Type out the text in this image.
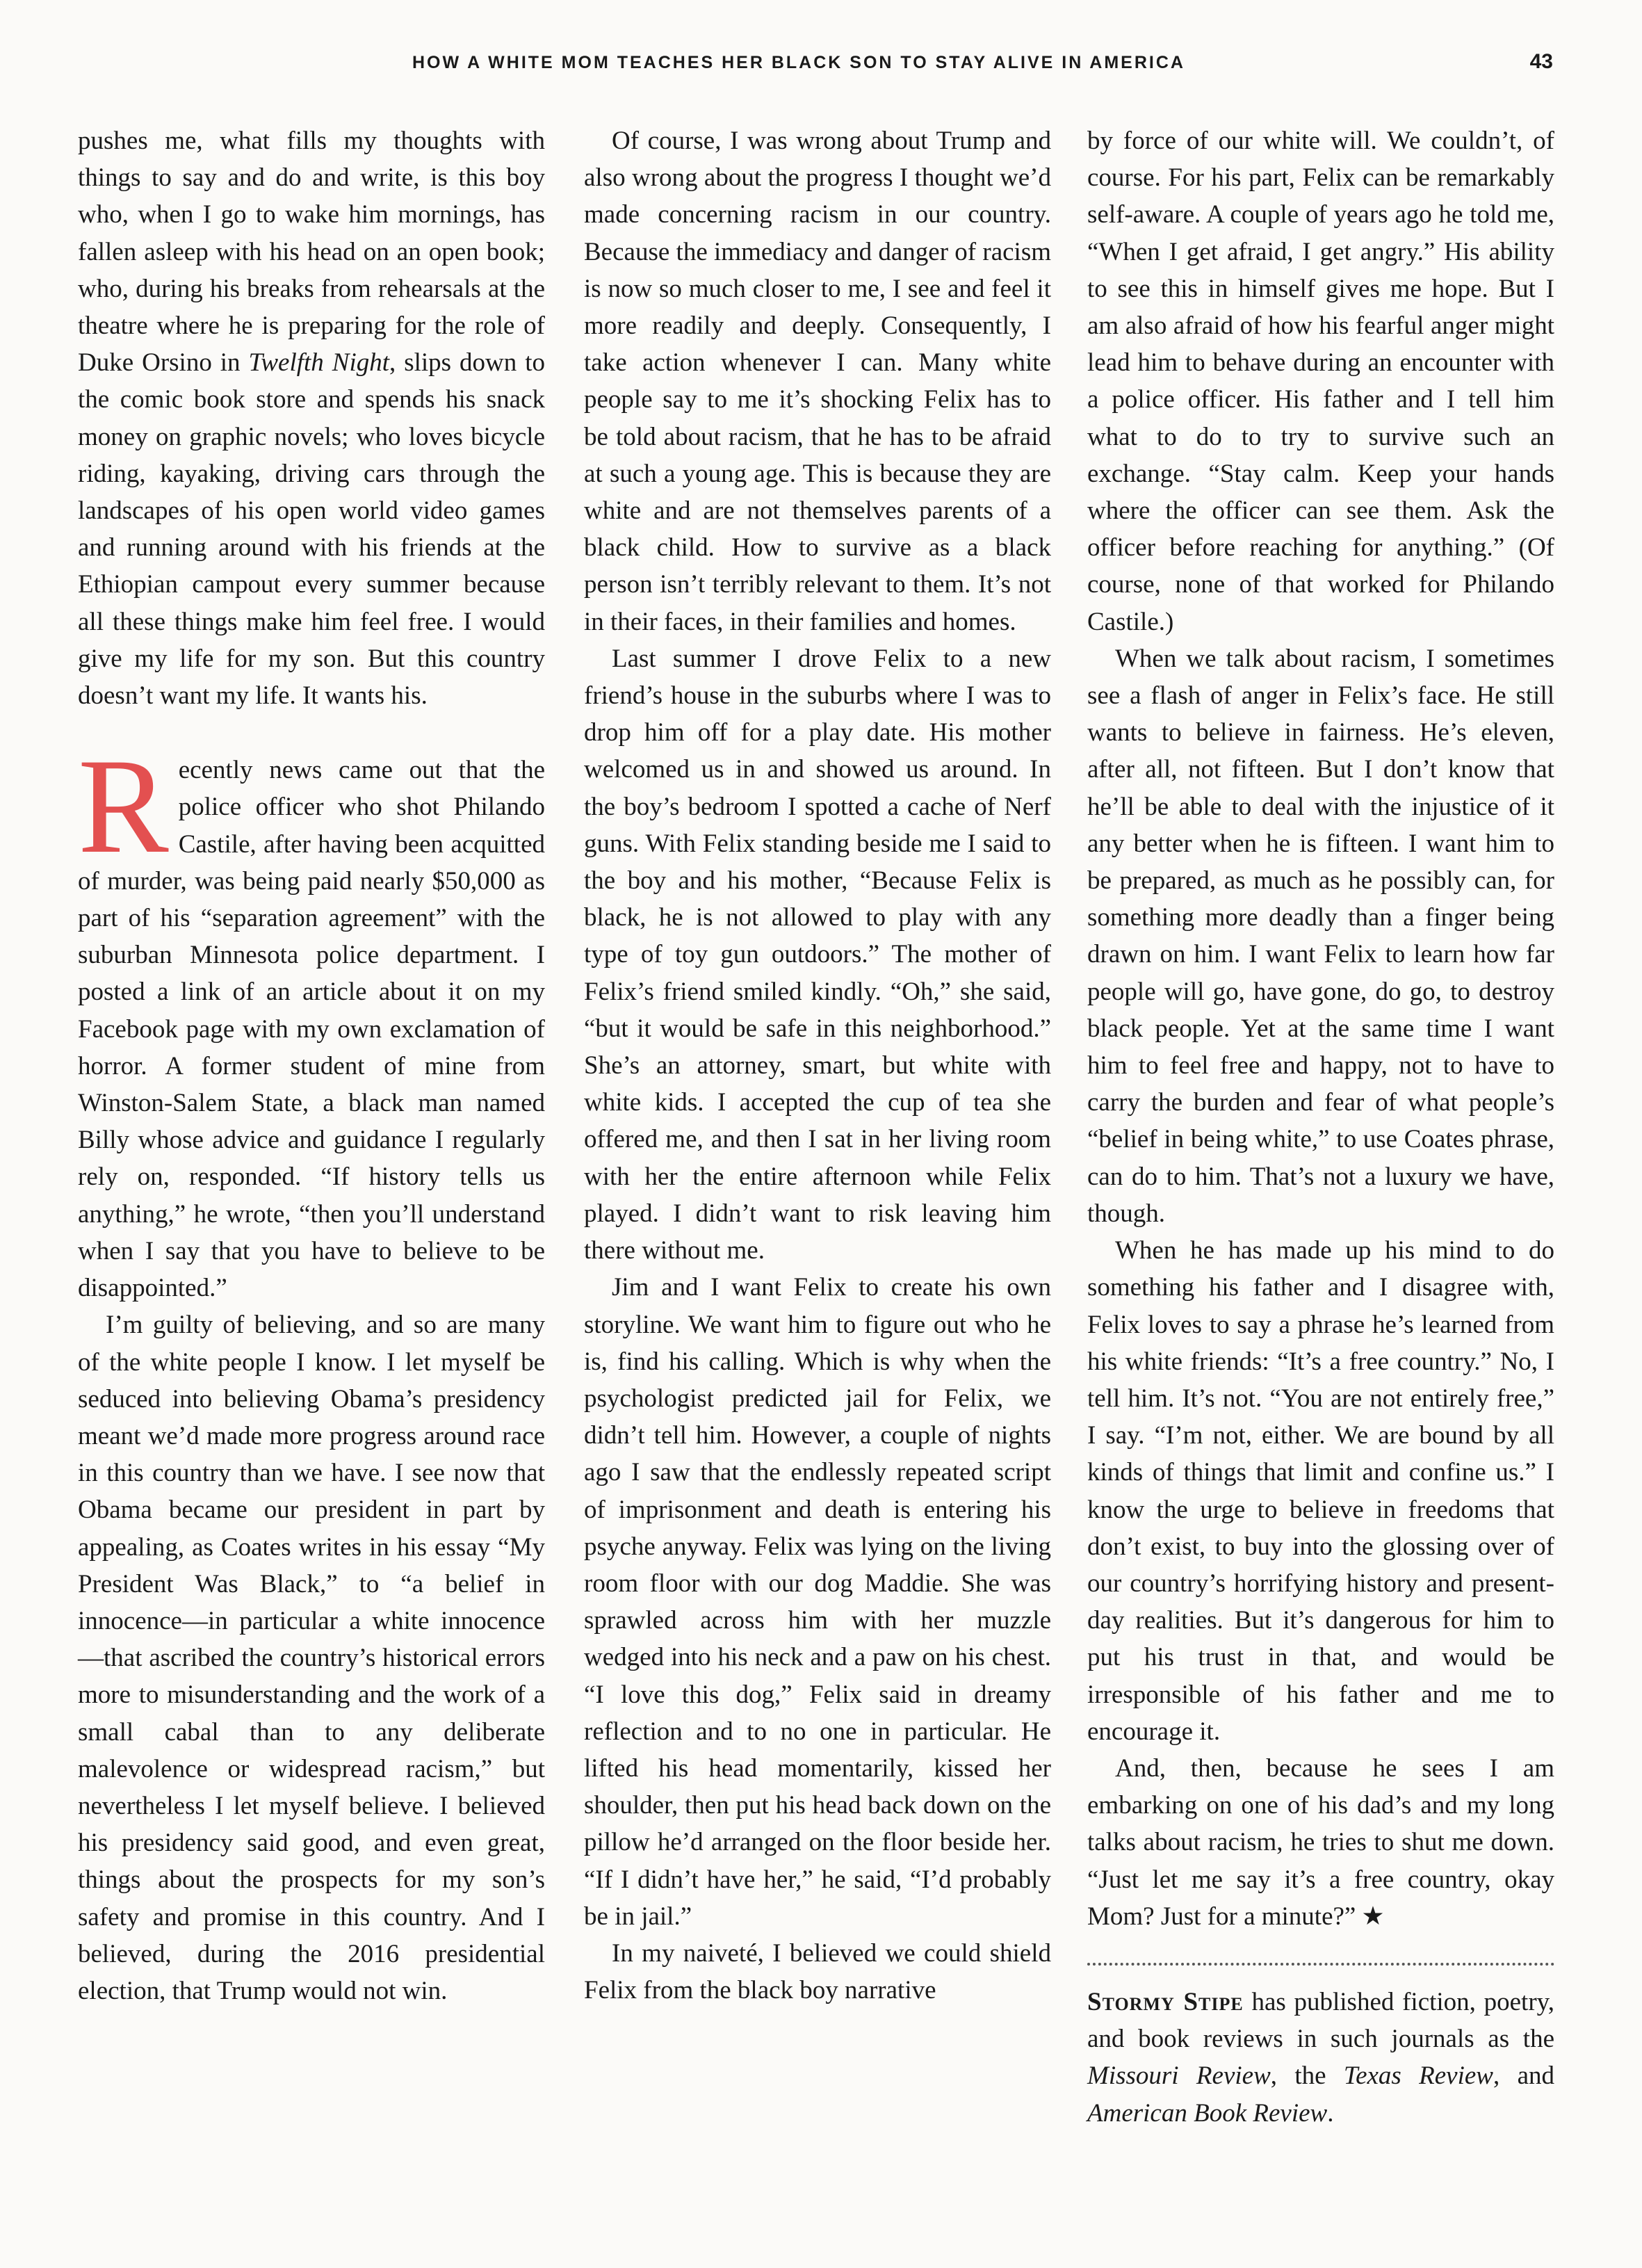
HOW A WHITE MOM TEACHES HER BLACK SON TO STAY ALIVE IN AMERICA	43

pushes me, what fills my thoughts with things to say and do and write, is this boy who, when I go to wake him mornings, has fallen asleep with his head on an open book; who, during his breaks from rehearsals at the theatre where he is preparing for the role of Duke Orsino in Twelfth Night, slips down to the comic book store and spends his snack money on graphic novels; who loves bicycle riding, kayaking, driving cars through the landscapes of his open world video games and running around with his friends at the Ethiopian campout every summer because all these things make him feel free. I would give my life for my son. But this country doesn’t want my life. It wants his.

Recently news came out that the police officer who shot Philando Castile, after having been acquitted of murder, was being paid nearly $50,000 as part of his “separation agreement” with the suburban Minnesota police department. I posted a link of an article about it on my Facebook page with my own exclamation of horror. A former student of mine from Winston-Salem State, a black man named Billy whose advice and guidance I regularly rely on, responded. “If history tells us anything,” he wrote, “then you’ll understand when I say that you have to believe to be disappointed.”

I’m guilty of believing, and so are many of the white people I know. I let myself be seduced into believing Obama’s presidency meant we’d made more progress around race in this country than we have. I see now that Obama became our president in part by appealing, as Coates writes in his essay “My President Was Black,” to “a belief in innocence—in particular a white innocence—that ascribed the country’s historical errors more to misunderstanding and the work of a small cabal than to any deliberate malevolence or widespread racism,” but nevertheless I let myself believe. I believed his presidency said good, and even great, things about the prospects for my son’s safety and promise in this country. And I believed, during the 2016 presidential election, that Trump would not win.

Of course, I was wrong about Trump and also wrong about the progress I thought we’d made concerning racism in our country. Because the immediacy and danger of racism is now so much closer to me, I see and feel it more readily and deeply. Consequently, I take action whenever I can. Many white people say to me it’s shocking Felix has to be told about racism, that he has to be afraid at such a young age. This is because they are white and are not themselves parents of a black child. How to survive as a black person isn’t terribly relevant to them. It’s not in their faces, in their families and homes.

Last summer I drove Felix to a new friend’s house in the suburbs where I was to drop him off for a play date. His mother welcomed us in and showed us around. In the boy’s bedroom I spotted a cache of Nerf guns. With Felix standing beside me I said to the boy and his mother, “Because Felix is black, he is not allowed to play with any type of toy gun outdoors.” The mother of Felix’s friend smiled kindly. “Oh,” she said, “but it would be safe in this neighborhood.” She’s an attorney, smart, but white with white kids. I accepted the cup of tea she offered me, and then I sat in her living room with her the entire afternoon while Felix played. I didn’t want to risk leaving him there without me.

Jim and I want Felix to create his own storyline. We want him to figure out who he is, find his calling. Which is why when the psychologist predicted jail for Felix, we didn’t tell him. However, a couple of nights ago I saw that the endlessly repeated script of imprisonment and death is entering his psyche anyway. Felix was lying on the living room floor with our dog Maddie. She was sprawled across him with her muzzle wedged into his neck and a paw on his chest. “I love this dog,” Felix said in dreamy reflection and to no one in particular. He lifted his head momentarily, kissed her shoulder, then put his head back down on the pillow he’d arranged on the floor beside her. “If I didn’t have her,” he said, “I’d probably be in jail.”

In my naiveté, I believed we could shield Felix from the black boy narrative

by force of our white will. We couldn’t, of course. For his part, Felix can be remarkably self-aware. A couple of years ago he told me, “When I get afraid, I get angry.” His ability to see this in himself gives me hope. But I am also afraid of how his fearful anger might lead him to behave during an encounter with a police officer. His father and I tell him what to do to try to survive such an exchange. “Stay calm. Keep your hands where the officer can see them. Ask the officer before reaching for anything.” (Of course, none of that worked for Philando Castile.)

When we talk about racism, I sometimes see a flash of anger in Felix’s face. He still wants to believe in fairness. He’s eleven, after all, not fifteen. But I don’t know that he’ll be able to deal with the injustice of it any better when he is fifteen. I want him to be prepared, as much as he possibly can, for something more deadly than a finger being drawn on him. I want Felix to learn how far people will go, have gone, do go, to destroy black people. Yet at the same time I want him to feel free and happy, not to have to carry the burden and fear of what people’s “belief in being white,” to use Coates phrase, can do to him. That’s not a luxury we have, though.

When he has made up his mind to do something his father and I disagree with, Felix loves to say a phrase he’s learned from his white friends: “It’s a free country.” No, I tell him. It’s not. “You are not entirely free,” I say. “I’m not, either. We are bound by all kinds of things that limit and confine us.” I know the urge to believe in freedoms that don’t exist, to buy into the glossing over of our country’s horrifying history and present-day realities. But it’s dangerous for him to put his trust in that, and would be irresponsible of his father and me to encourage it.

And, then, because he sees I am embarking on one of his dad’s and my long talks about racism, he tries to shut me down. “Just let me say it’s a free country, okay Mom? Just for a minute?” ★

Stormy Stipe has published fiction, poetry, and book reviews in such journals as the Missouri Review, the Texas Review, and American Book Review.
